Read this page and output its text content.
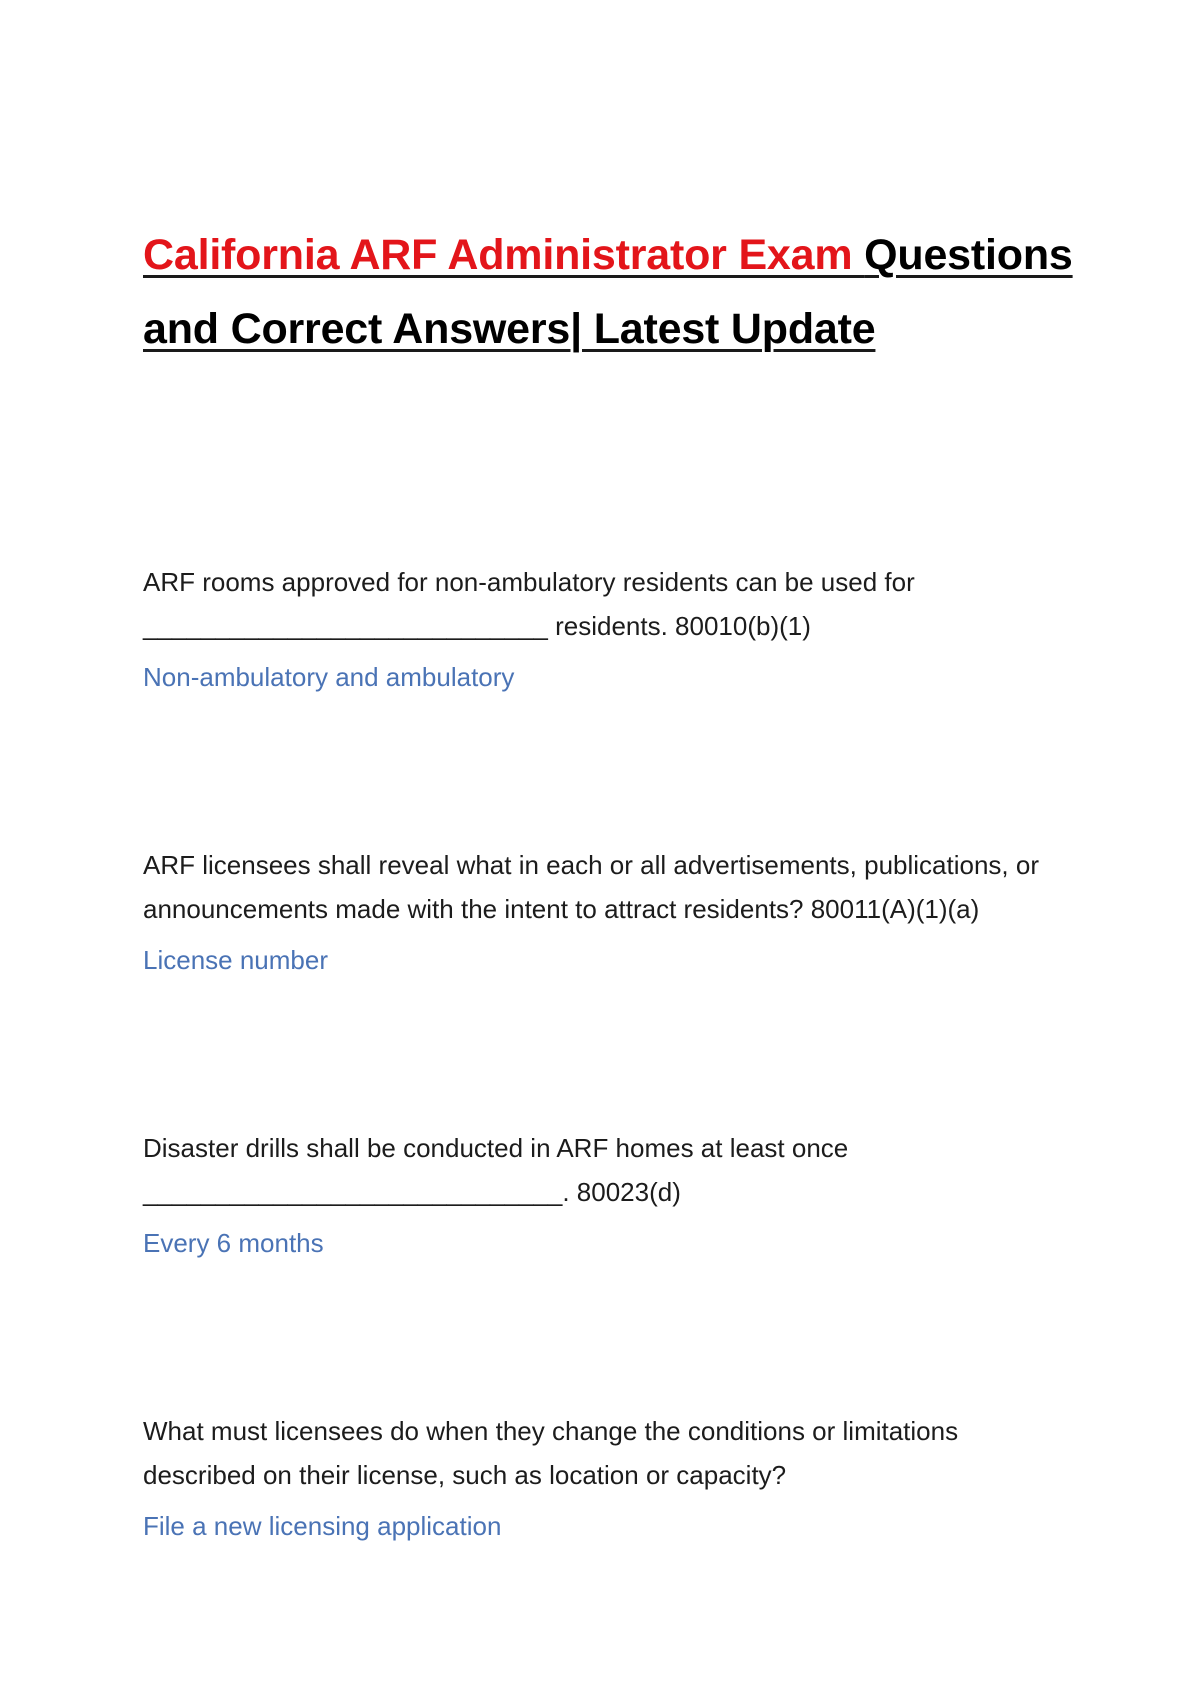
California ARF Administrator Exam Questions and Correct Answers| Latest Update

ARF rooms approved for non-ambulatory residents can be used for ____________________________ residents. 80010(b)(1)

Non-ambulatory and ambulatory

ARF licensees shall reveal what in each or all advertisements, publications, or announcements made with the intent to attract residents? 80011(A)(1)(a)

License number

Disaster drills shall be conducted in ARF homes at least once _____________________________. 80023(d)

Every 6 months

What must licensees do when they change the conditions or limitations described on their license, such as location or capacity?

File a new licensing application
